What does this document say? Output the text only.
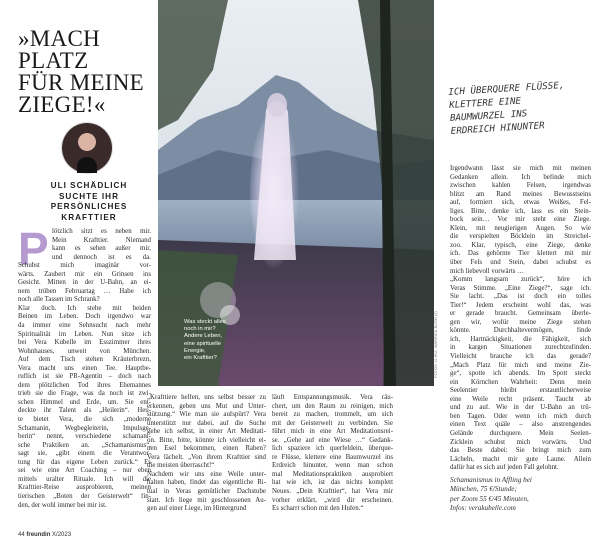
»MACH
PLATZ
FÜR MEINE
ZIEGE!«
ULI SCHÄDLICH
SUCHTE IHR
PERSÖNLICHES
KRAFTTIER
P lötzlich sitzt es neben mir.
Mein Krafttier. Niemand
kann es sehen außer mir,
und dennoch ist es da.
Schubst mich imaginär vor-
wärts. Zaubert mir ein Grinsen ins
Gesicht. Mitten in der U-Bahn, an ei-
nem trüben Februartag … Habe ich
noch alle Tassen im Schrank?
Klar doch. Ich stehe mit beiden
Beinen im Leben. Doch irgendwo war
da immer eine Sehnsucht nach mehr
Spiritualität im Leben. Nun sitze ich
bei Vera Kubelle im Esszimmer ihres
Wohnhauses, unweit von München.
Auf dem Tisch stehen Kräuterbrezn,
Vera macht uns einen Tee. Hauptbe-
ruflich ist sie PR-Agentin – doch nach
dem plötzlichen Tod ihres Ehemannes
trieb sie die Frage, was da noch ist zwi-
schen Himmel und Erde, um. Sie ent-
deckte ihr Talent als „Heilerin“. Heu-
te bietet Vera, die sich „moderne
Schamanin, Wegbegleiterin, Impulsge-
berin“ nennt, verschiedene schamani-
sche Praktiken an. „Schamanismus“,
sagt sie, „gibt einem die Verantwor-
tung für das eigene Leben zurück.“ Es
sei wie eine Art Coaching – nur eben
mittels uralter Rituale. Ich will die
Krafttier-Reise ausprobieren, meinen
tierischen „Boten der Geisterwelt“ fin-
den, der wohl immer bei mir ist.
„Krafttiere helfen, uns selbst besser zu
erkennen, geben uns Mut und Unter-
stützung.“ Wie man sie aufspürt? Vera
unterstützt nur dabei, auf die Suche
gehe ich selbst, in einer Art Meditati-
on. Bitte, bitte, könnte ich vielleicht ei-
nen Esel bekommen, einen Raben?
Vera lächelt. „Von ihrem Krafttier sind
die meisten überrascht!“
Nachdem wir uns eine Weile unter-
halten haben, findet das eigentliche Ri-
tual in Veras gemütlicher Dachstube
statt. Ich liege mit geschlossenen Au-
gen auf einer Liege, im Hintergrund
läuft Entspannungsmusik. Vera räu-
chert, um den Raum zu reinigen, mich
bereit zu machen, trommelt, um sich
mit der Geisterwelt zu verbinden. Sie
führt mich in eine Art Meditationsrei-
se. „Gehe auf eine Wiese …“ Gedank-
lich spaziere ich querfeldein, überque-
re Flüsse, klettere eine Baumwurzel ins
Erdreich hinunter, wenn man schon
mal Meditationspraktiken ausprobiert
hat wie ich, ist das nichts komplett
Neues. „Dein Krafttier“, hat Vera mir
vorher erklärt, „wird dir erscheinen.
Es scharrt schon mit den Hufen.“
Irgendwann lässt sie mich mit meinen
Gedanken allein. Ich befinde mich
zwischen kahlen Felsen, irgendwas
blitzt am Rand meines Bewusstseins
auf, formiert sich, etwas Weißes, Fel-
liges. Bitte, denke ich, lass es ein Stein-
bock sein… Vor mir steht eine Ziege.
Klein, mit neugierigen Augen. So wie
die verspielten Böcklein im Streichel-
zoo. Klar, typisch, eine Ziege, denke
ich. Das gehörnte Tier klettert mit mir
über Fels und Stein, dabei schubst es
mich liebevoll vorwärts …
„Komm langsam zurück“, höre ich
Veras Stimme. „Eine Ziege?“, sage ich.
Sie lacht. „Das ist doch ein tolles
Tier!“ Jedem erscheint wohl das, was
er gerade braucht. Gemeinsam überle-
gen wir, wofür meine Ziege stehen
könnte. Durchhaltevermögen, finde
ich, Hartnäckigkeit, die Fähigkeit, sich
in kargen Situationen zurechtzufinden.
Vielleicht brauche ich das gerade?
„Mach Platz für mich und meine Zie-
ge“, spotte ich abends. Im Spott steckt
ein Körnchen Wahrheit: Denn mein
Seelentier bleibt erstaunlicherweise
eine Weile recht präsent. Taucht ab
und zu auf. Wie in der U-Bahn an trü-
ben Tagen. Oder wenn ich mich durch
einen Text quäle – also anstrengendes
Gelände durchquere. Mein Seelen-
Zicklein schubst mich vorwärts. Und
das Beste dabei: Sie bringt mich zum
Lächeln, macht mir gute Laune. Allein
dafür hat es sich auf jeden Fall gelohnt.
Was steckt alles
noch in mir?
Andere Leben,
eine spirituelle
Energie,
ein Krafttier?	FOTOS: LI-HUI, WARRICK BUSH (2)
ICH ÜBERQUERE FLÜSSE,
KLETTERE EINE
BAUMWURZEL INS
ERDREICH HINUNTER
Schamanismus in Affling bei
München, 75 €/Stunde;
per Zoom 55 €/45 Minuten,
Infos: verakubelle.com
44 freundin X/2023
